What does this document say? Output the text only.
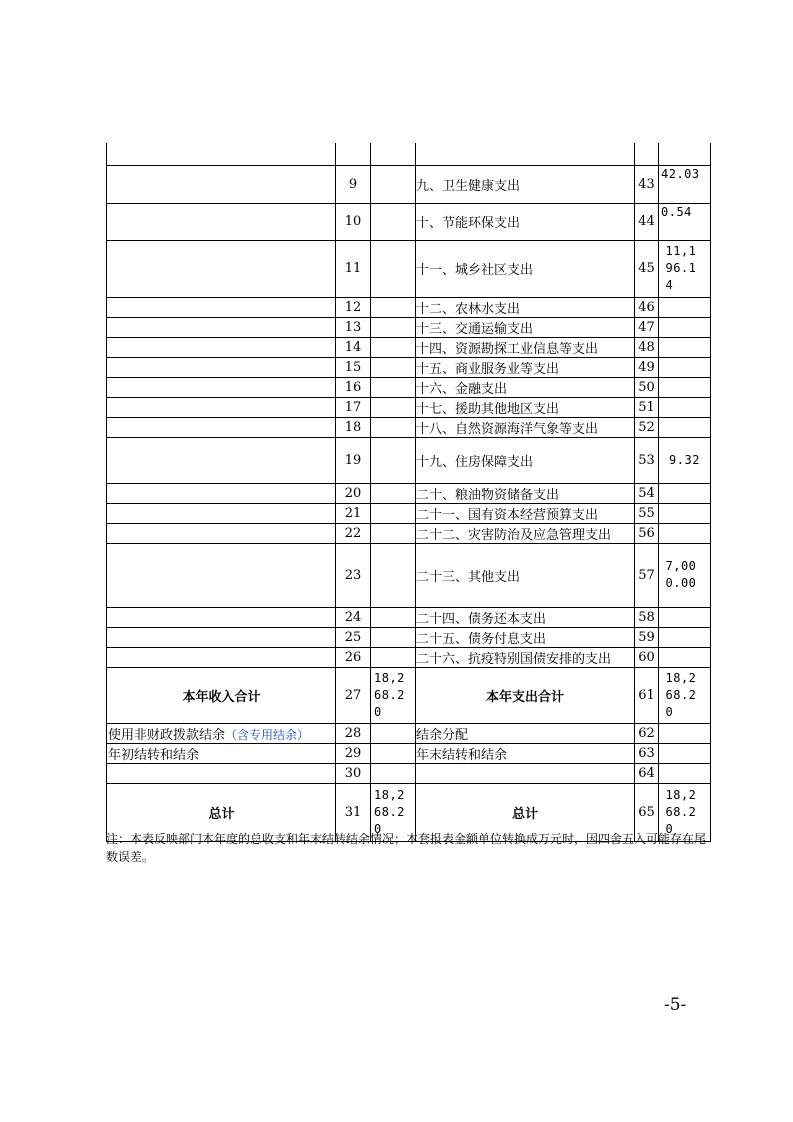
	9		九、卫生健康支出	43	42.03
	10		十、节能环保支出	44	0.54
	11		十一、城乡社区支出	45	11,196.14
	12		十二、农林水支出	46	
	13		十三、交通运输支出	47	
	14		十四、资源勘探工业信息等支出	48	
	15		十五、商业服务业等支出	49	
	16		十六、金融支出	50	
	17		十七、援助其他地区支出	51	
	18		十八、自然资源海洋气象等支出	52	
	19		十九、住房保障支出	53	9.32
	20		二十、粮油物资储备支出	54	
	21		二十一、国有资本经营预算支出	55	
	22		二十二、灾害防治及应急管理支出	56	
	23		二十三、其他支出	57	7,000.00
	24		二十四、债务还本支出	58	
	25		二十五、债务付息支出	59	
	26		二十六、抗疫特别国债安排的支出	60	
本年收入合计	27	18,268.20	本年支出合计	61	18,268.20
使用非财政拨款结余（含专用结余）	28		结余分配	62	
年初结转和结余	29		年末结转和结余	63	
	30			64	
总计	31	18,268.20	总计	65	18,268.20
注：本表反映部门本年度的总收支和年末结转结余情况；本套报表金额单位转换成万元时，因四舍五入可能存在尾数误差。
-5-
